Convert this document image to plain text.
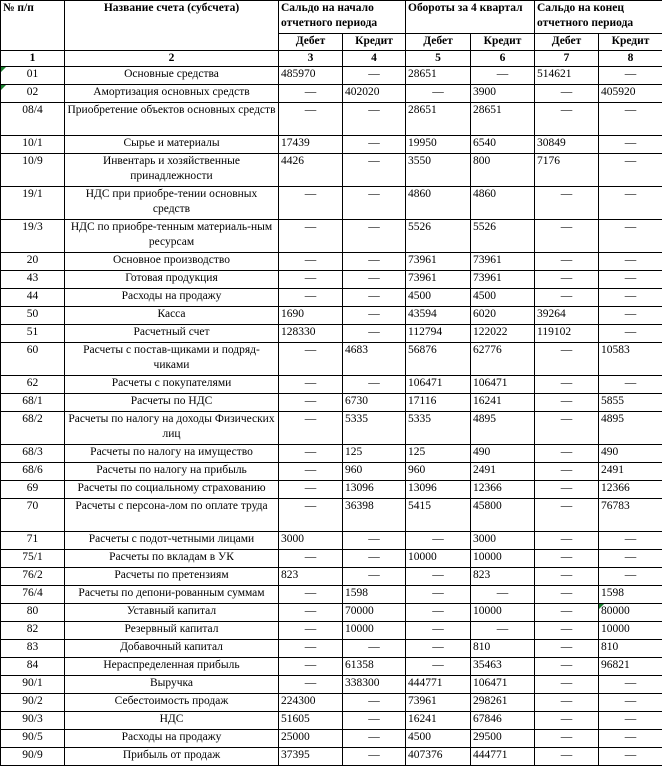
№ п/п	Название счета (субсчета)	Сальдо на начало отчетного периода		Обороты за 4 квартал		Сальдо на конец отчетного периода	
		Дебет	Кредит	Дебет	Кредит	Дебет	Кредит
1	2	3	4	5	6	7	8
01	Основные средства	485970	—	28651	—	514621	—
02	Амортизация основных средств	—	402020	—	3900	—	405920
08/4	Приобретение объектов основных средств	—	—	28651	28651	—	—
10/1	Сырье и материалы	17439	—	19950	6540	30849	—
10/9	Инвентарь и хозяйственные принадлежности	4426	—	3550	800	7176	—
19/1	НДС при приобре-тении основных средств	—	—	4860	4860	—	—
19/3	НДС по приобре-тенным материаль-ным ресурсам	—	—	5526	5526	—	—
20	Основное производство	—	—	73961	73961	—	—
43	Готовая продукция	—	—	73961	73961	—	—
44	Расходы на продажу	—	—	4500	4500	—	—
50	Касса	1690	—	43594	6020	39264	—
51	Расчетный счет	128330	—	112794	122022	119102	—
60	Расчеты с постав-щиками и подряд-чиками	—	4683	56876	62776	—	10583
62	Расчеты с покупателями	—	—	106471	106471	—	—
68/1	Расчеты по НДС	—	6730	17116	16241	—	5855
68/2	Расчеты по налогу на доходы Физических лиц	—	5335	5335	4895	—	4895
68/3	Расчеты по налогу на имущество	—	125	125	490	—	490
68/6	Расчеты по налогу на прибыль	—	960	960	2491	—	2491
69	Расчеты по социальному страхованию	—	13096	13096	12366	—	12366
70	Расчеты с персона-лом по оплате труда	—	36398	5415	45800	—	76783
71	Расчеты с подот-четными лицами	3000	—	—	3000	—	—
75/1	Расчеты по вкладам в УК	—	—	10000	10000	—	—
76/2	Расчеты по претензиям	823	—	—	823	—	—
76/4	Расчеты по депони-рованным суммам	—	1598	—	—	—	1598
80	Уставный капитал	—	70000	—	10000	—	80000
82	Резервный капитал	—	10000	—	—	—	10000
83	Добавочный капитал	—	—	—	810	—	810
84	Нераспределенная прибыль	—	61358	—	35463	—	96821
90/1	Выручка	—	338300	444771	106471	—	—
90/2	Себестоимость продаж	224300	—	73961	298261	—	—
90/3	НДС	51605	—	16241	67846	—	—
90/5	Расходы на продажу	25000	—	4500	29500	—	—
90/9	Прибыль от продаж	37395	—	407376	444771	—	—
